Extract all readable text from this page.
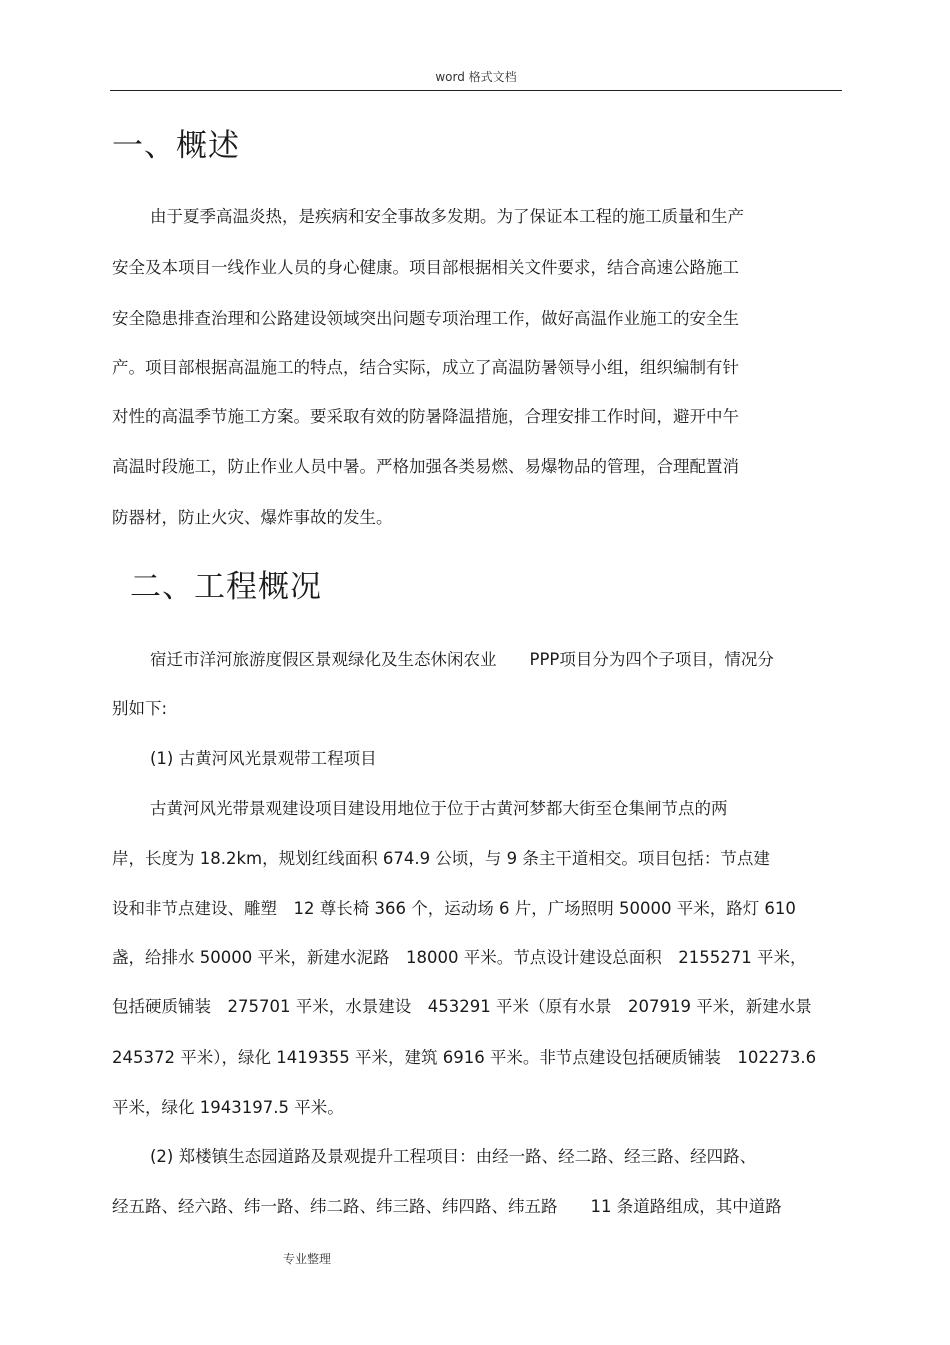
word 格式文档
一、概述
由于夏季高温炎热，是疾病和安全事故多发期。为了保证本工程的施工质量和生产
安全及本项目一线作业人员的身心健康。项目部根据相关文件要求，结合高速公路施工
安全隐患排查治理和公路建设领域突出问题专项治理工作，做好高温作业施工的安全生
产。项目部根据高温施工的特点，结合实际，成立了高温防暑领导小组，组织编制有针
对性的高温季节施工方案。要采取有效的防暑降温措施，合理安排工作时间，避开中午
高温时段施工，防止作业人员中暑。严格加强各类易燃、易爆物品的管理，合理配置消
防器材，防止火灾、爆炸事故的发生。
二、工程概况
宿迁市洋河旅游度假区景观绿化及生态休闲农业　　PPP项目分为四个子项目，情况分
别如下:
(1) 古黄河风光景观带工程项目
古黄河风光带景观建设项目建设用地位于位于古黄河梦都大街至仓集闸节点的两
岸，长度为 18.2km，规划红线面积 674.9 公顷，与 9 条主干道相交。项目包括：节点建
设和非节点建设、雕塑　12 尊长椅 366 个，运动场 6 片，广场照明 50000 平米，路灯 610
盏，给排水 50000 平米，新建水泥路　18000 平米。节点设计建设总面积　2155271 平米，
包括硬质铺装　275701 平米，水景建设　453291 平米（原有水景　207919 平米，新建水景
245372 平米），绿化 1419355 平米，建筑 6916 平米。非节点建设包括硬质铺装　102273.6
平米，绿化 1943197.5 平米。
(2) 郑楼镇生态园道路及景观提升工程项目：由经一路、经二路、经三路、经四路、
经五路、经六路、纬一路、纬二路、纬三路、纬四路、纬五路　　11 条道路组成，其中道路
专业整理
